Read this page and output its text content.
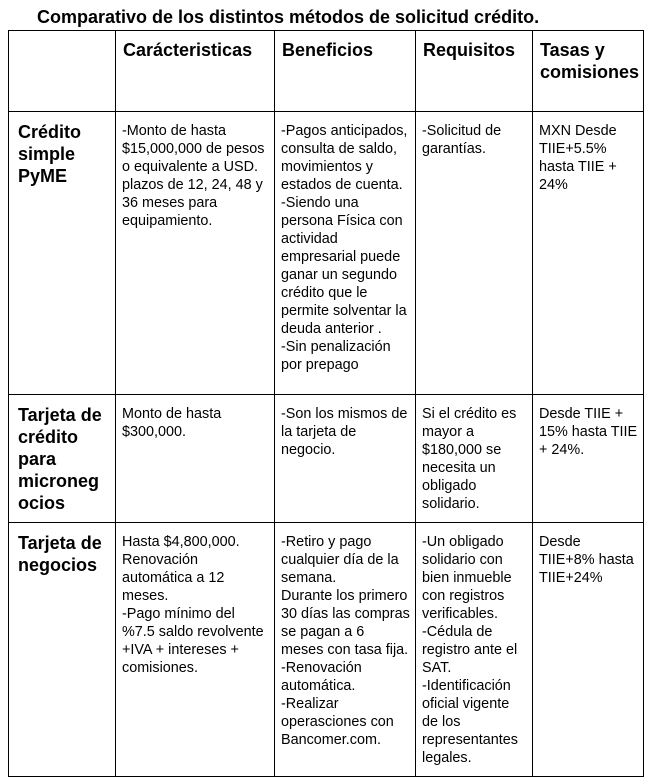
Comparativo de los distintos métodos de solicitud crédito.
	Carácteristicas	Beneficios	Requisitos	Tasas y comisiones
Crédito simple PyME	-Monto de hasta $15,000,000 de pesos o equivalente a USD.
plazos de 12, 24, 48 y 36 meses para equipamiento.	-Pagos anticipados, consulta de saldo, movimientos y estados de cuenta.
-Siendo una persona Física con actividad empresarial puede ganar un segundo crédito que le permite solventar la deuda anterior .
-Sin penalización por prepago	-Solicitud de garantías.	MXN Desde TIIE+5.5% hasta TIIE + 24%

Tarjeta de crédito para microneg ocios	Monto de hasta $300,000.	-Son los mismos de la tarjeta de negocio.	Si el crédito es mayor a $180,000 se necesita un obligado solidario.	Desde TIIE + 15% hasta TIIE + 24%.

Tarjeta de negocios	Hasta $4,800,000.
Renovación automática a 12 meses.
-Pago mínimo del %7.5 saldo revolvente +IVA + intereses + comisiones.	-Retiro y pago cualquier día de la semana.
Durante los primero 30 días las compras se pagan a 6 meses con tasa fija.
-Renovación automática.
-Realizar operasciones con Bancomer.com.	-Un obligado solidario con bien inmueble con registros verificables.
-Cédula de registro ante el SAT.
-Identificación oficial vigente de los representantes legales.	Desde TIIE+8% hasta TIIE+24%
